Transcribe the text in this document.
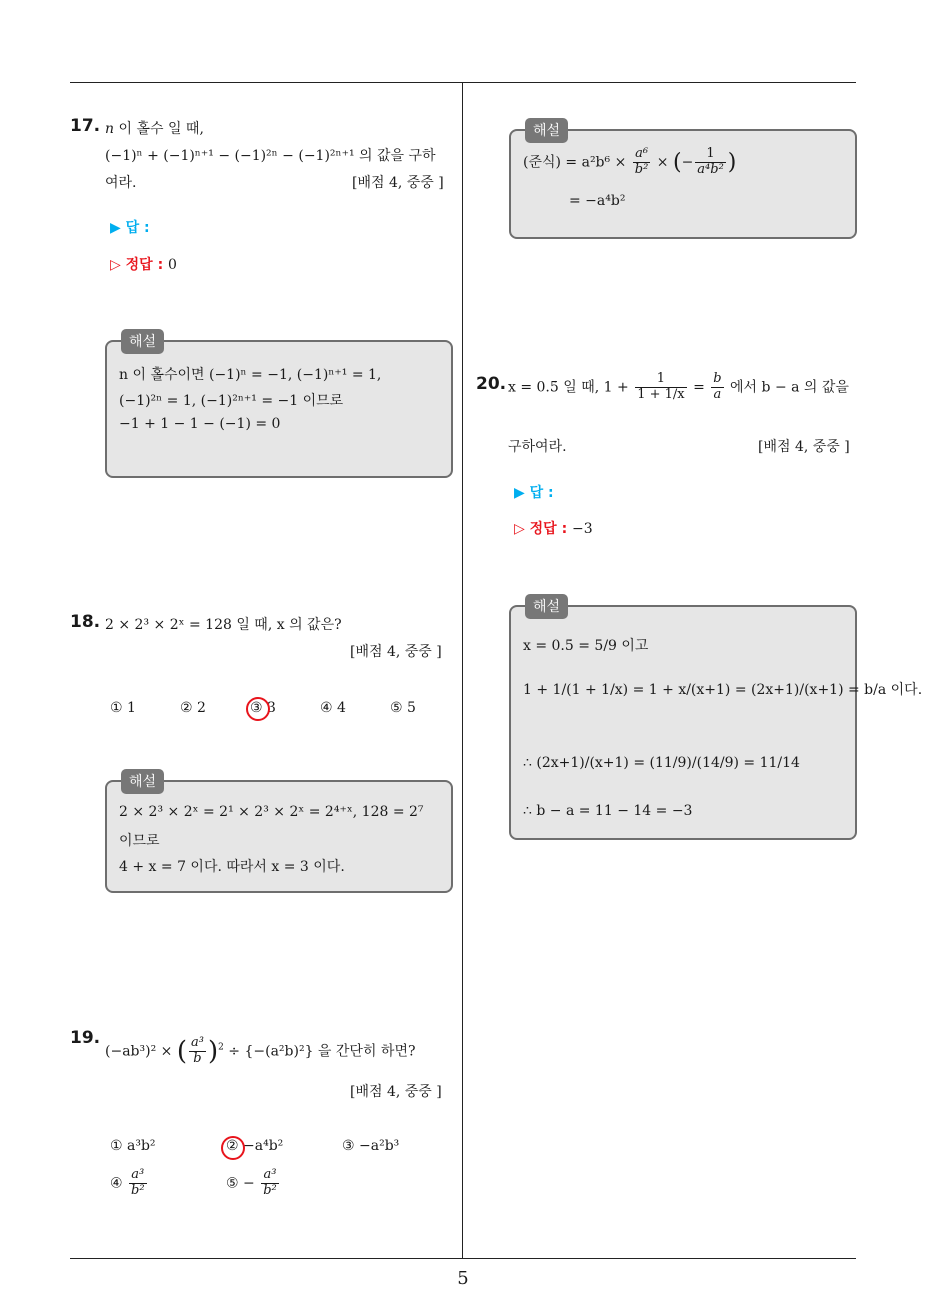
5
17. n 이 홀수 일 때,
(−1)ⁿ + (−1)ⁿ⁺¹ − (−1)²ⁿ − (−1)²ⁿ⁺¹ 의 값을 구하
여라.	[배점 4, 중중 ]
▶ 답 :
▷ 정답 : 0
해설
n 이 홀수이면 (−1)ⁿ = −1, (−1)ⁿ⁺¹ = 1,
(−1)²ⁿ = 1, (−1)²ⁿ⁺¹ = −1 이므로
−1 + 1 − 1 − (−1) = 0
18. 2 × 2³ × 2ˣ = 128 일 때, x 의 값은?
[배점 4, 중중 ]
① 1	② 2	③ 3	④ 4	⑤ 5
해설
2 × 2³ × 2ˣ = 2¹ × 2³ × 2ˣ = 2⁴⁺ˣ, 128 = 2⁷
이므로
4 + x = 7 이다. 따라서 x = 3 이다.
19.
(−ab³)² × ( $\frac{\text{a³}}{b} )^2 \div \{-(a^2b)^2\}$ 을 간단히 하면?
[배점 4, 중중 ]
① a³b²	② −a⁴b²	③ −a²b³
④ $\frac{\text{a³}}{\text{b²}}$	⑤ − $\frac{\text{a³}}{\text{b²}}$
해설
(준식) = $a^2b^6 \times \frac{\text{a⁶}}{\text{b²}}$ × (− $\frac{1}{\text{a⁴b²}}$ )
= −a⁴b²
20. x = 0.5̇ 일 때, $1 + \frac{1}{1 + 1/x} = \frac{b}{a}$ 에서 b − a 의 값을
구하여라.	[배점 4, 중중 ]
▶ 답 :
▷ 정답 : −3
해설
x = 0.5̇ = 5/9 이고
1 + 1/(1 + 1/x) = 1 + x/(x+1) = (2x+1)/(x+1) = b/a 이다.
∴ (2x+1)/(x+1) = (11/9)/(14/9) = 11/14
∴ b − a = 11 − 14 = −3
